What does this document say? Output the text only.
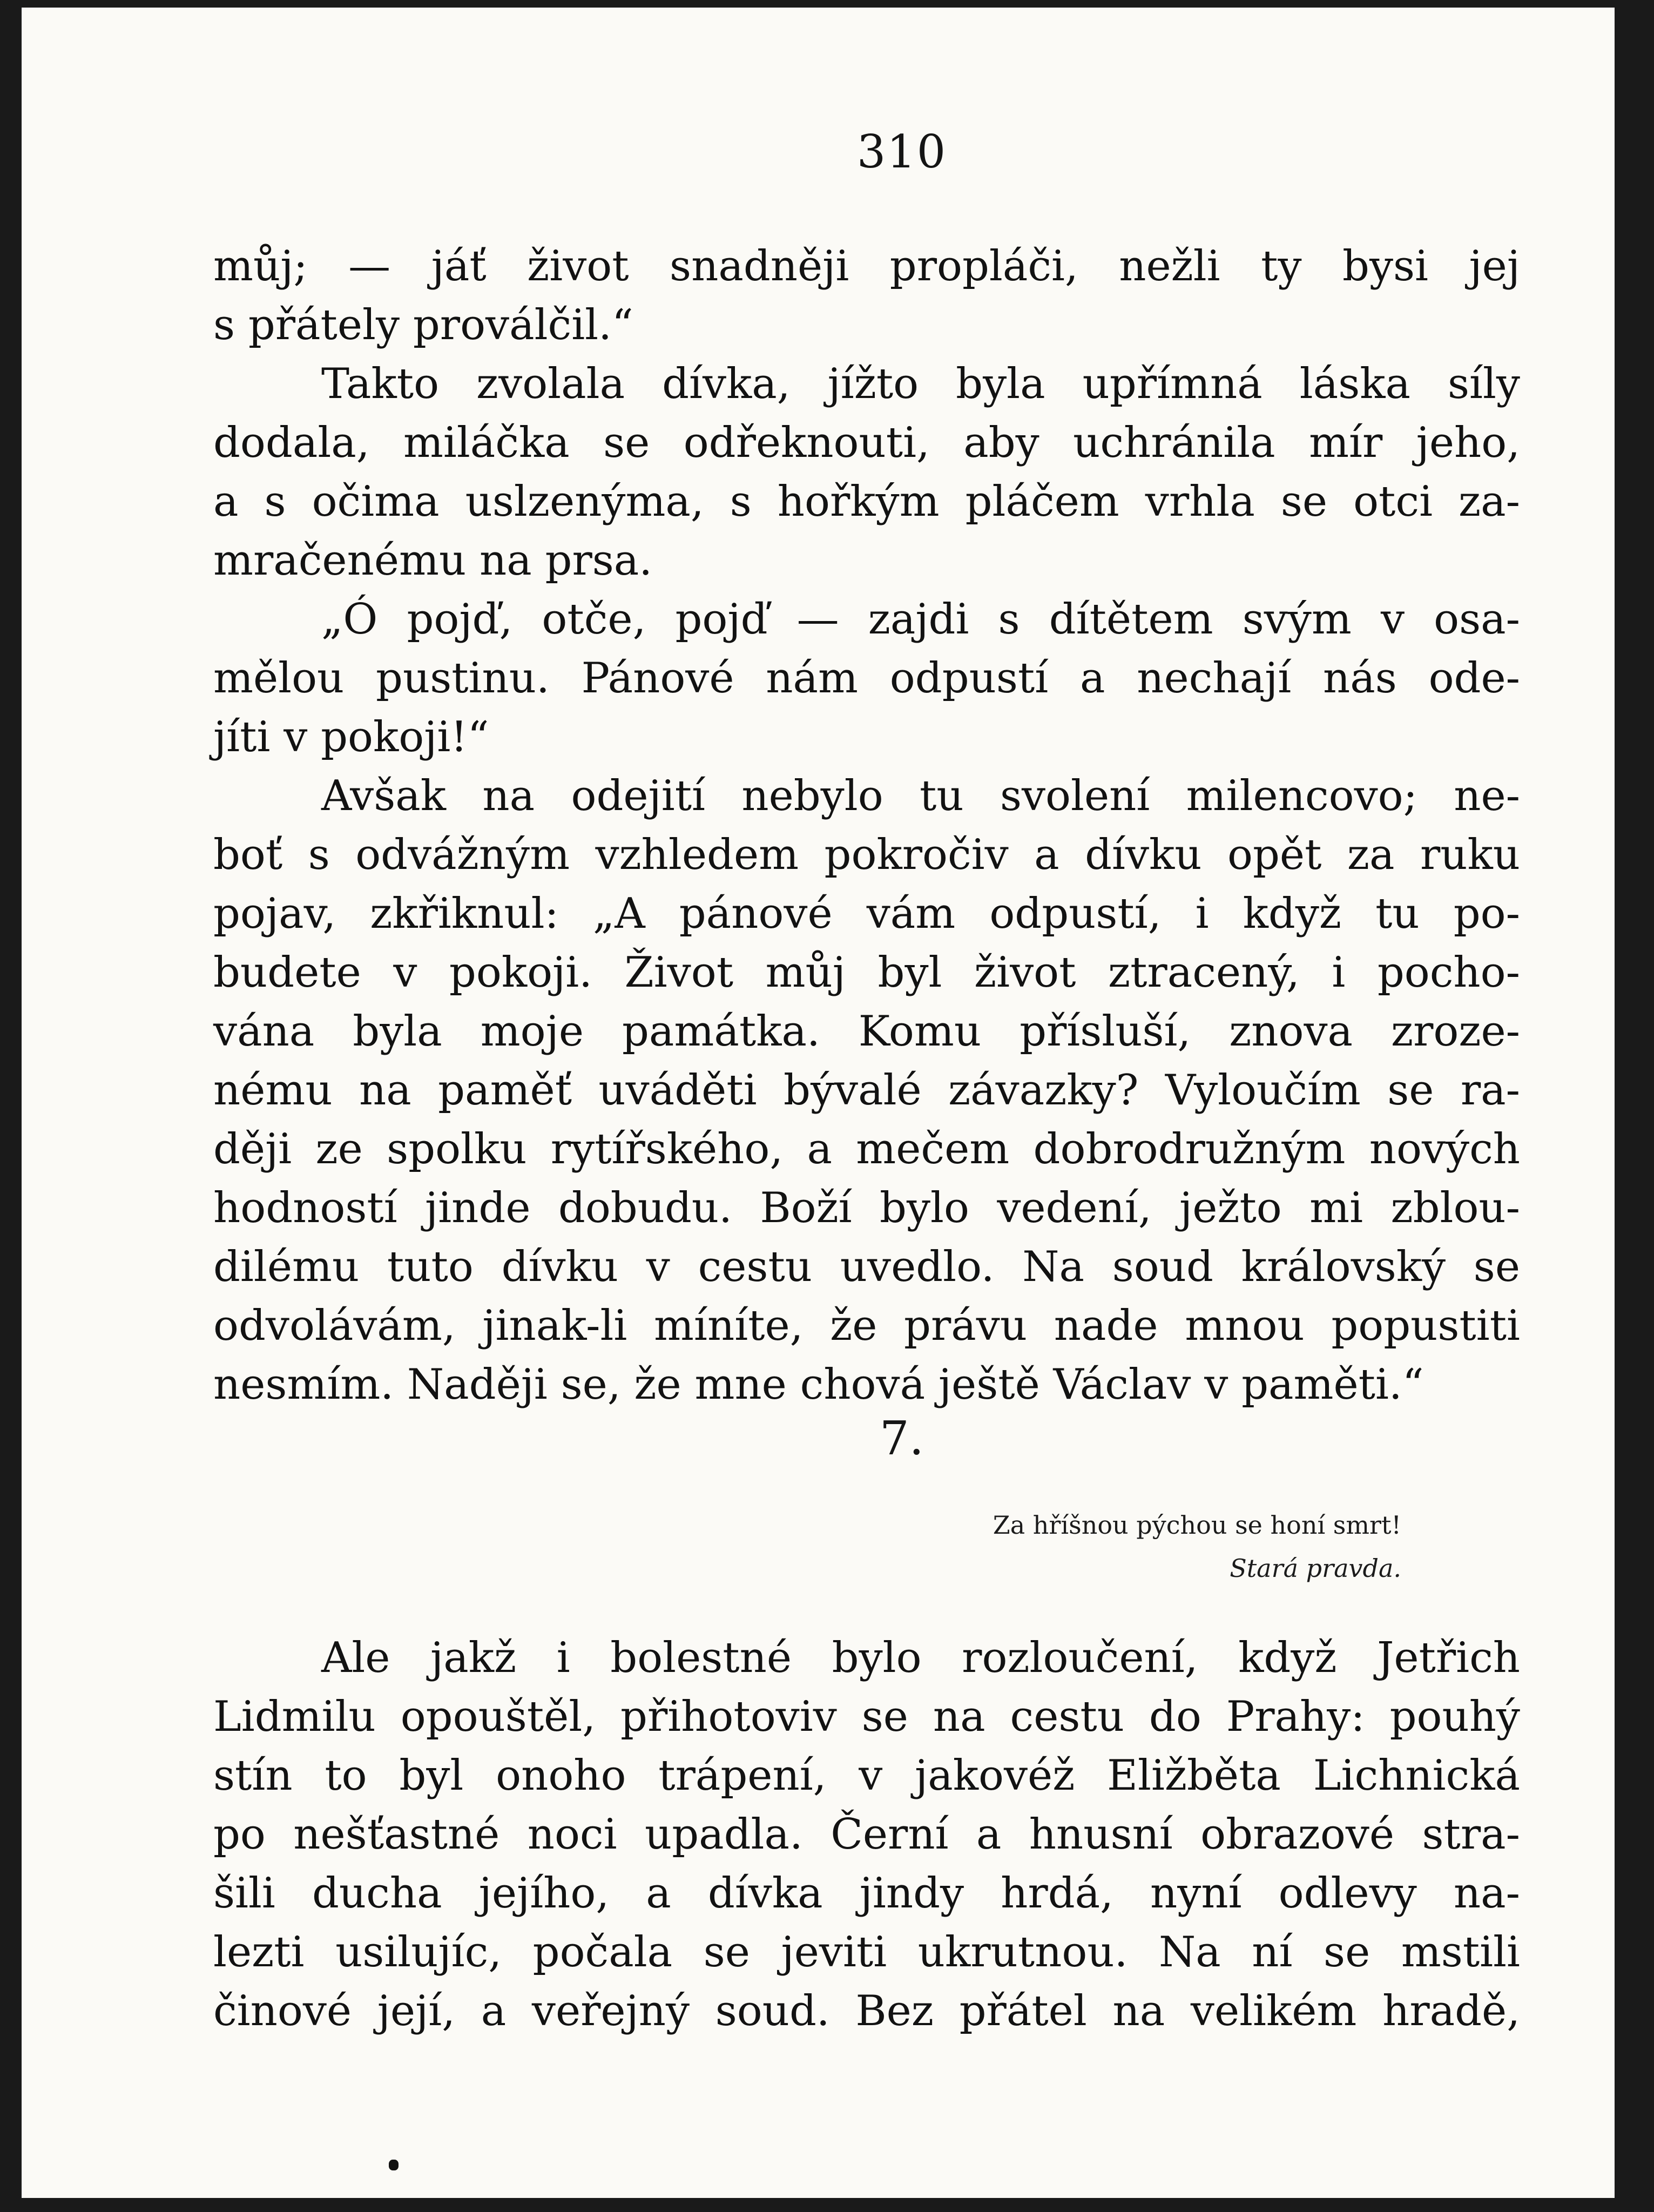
310
můj; — jáť život snadněji propláči, nežli ty bysi jej
s přátely proválčil.“
Takto zvolala dívka, jížto byla upřímná láska síly
dodala, miláčka se odřeknouti, aby uchránila mír jeho,
a s očima uslzenýma, s hořkým pláčem vrhla se otci za-
mračenému na prsa.
„Ó pojď, otče, pojď — zajdi s dítětem svým v osa-
mělou pustinu. Pánové nám odpustí a nechají nás ode-
jíti v pokoji!“
Avšak na odejití nebylo tu svolení milencovo; ne-
boť s odvážným vzhledem pokročiv a dívku opět za ruku
pojav, zkřiknul: „A pánové vám odpustí, i když tu po-
budete v pokoji. Život můj byl život ztracený, i pocho-
vána byla moje památka. Komu přísluší, znova zroze-
nému na paměť uváděti bývalé závazky? Vyloučím se ra-
ději ze spolku rytířského, a mečem dobrodružným nových
hodností jinde dobudu. Boží bylo vedení, ježto mi zblou-
dilému tuto dívku v cestu uvedlo. Na soud královský se
odvolávám, jinak-li míníte, že právu nade mnou popustiti
nesmím. Naději se, že mne chová ještě Václav v paměti.“
7.
Za hříšnou pýchou se honí smrt!
Stará pravda.
Ale jakž i bolestné bylo rozloučení, když Jetřich
Lidmilu opouštěl, přihotoviv se na cestu do Prahy: pouhý
stín to byl onoho trápení, v jakovéž Eližběta Lichnická
po nešťastné noci upadla. Černí a hnusní obrazové stra-
šili ducha jejího, a dívka jindy hrdá, nyní odlevy na-
lezti usilujíc, počala se jeviti ukrutnou. Na ní se mstili
činové její, a veřejný soud. Bez přátel na velikém hradě,
